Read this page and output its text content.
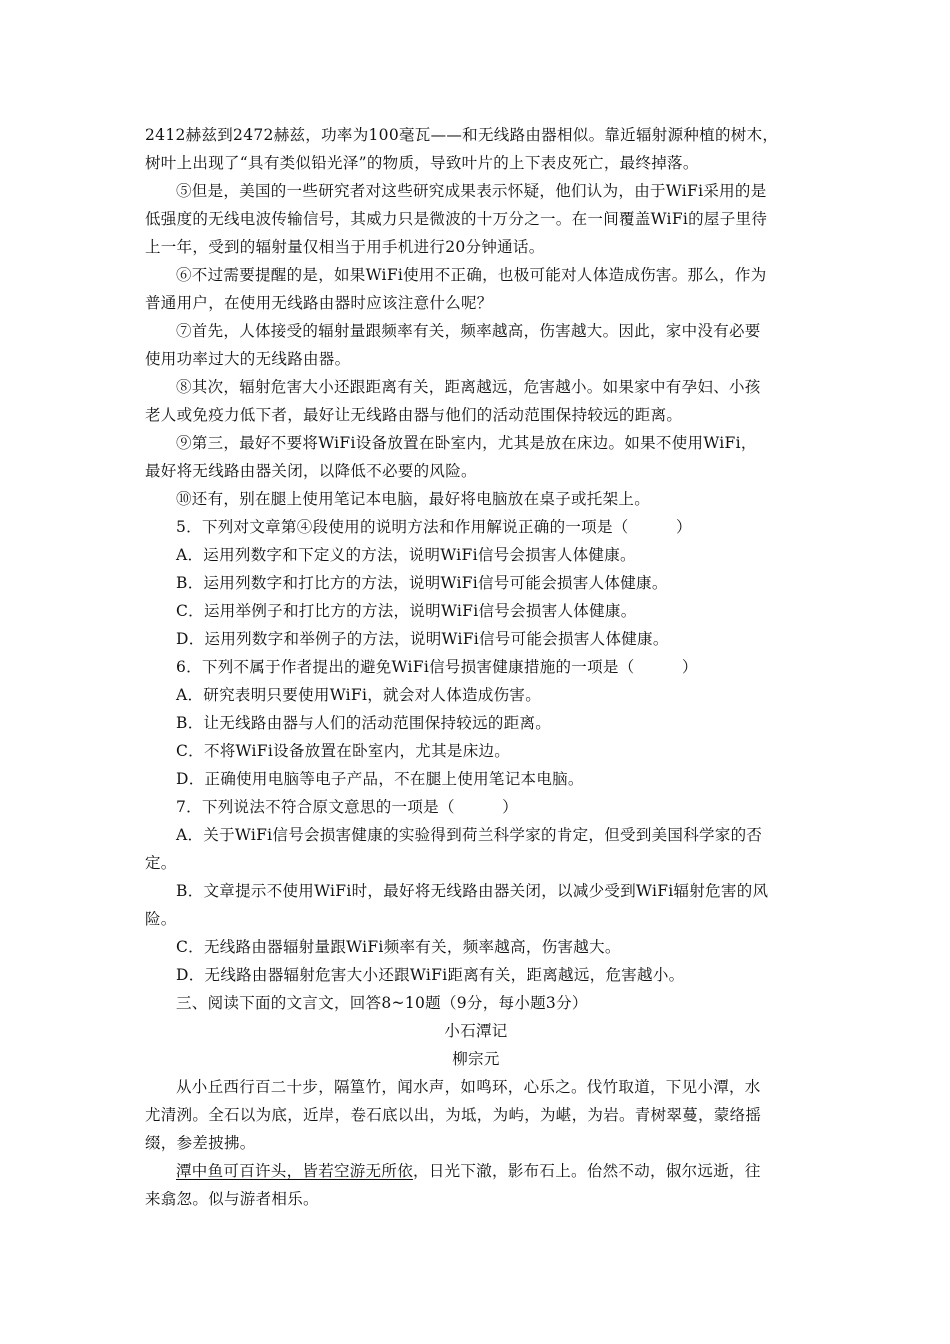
2412赫兹到2472赫兹，功率为100毫瓦——和无线路由器相似。靠近辐射源种植的树木，
树叶上出现了“具有类似铅光泽”的物质，导致叶片的上下表皮死亡，最终掉落。
⑤但是，美国的一些研究者对这些研究成果表示怀疑，他们认为，由于WiFi采用的是
低强度的无线电波传输信号，其威力只是微波的十万分之一。在一间覆盖WiFi的屋子里待
上一年，受到的辐射量仅相当于用手机进行20分钟通话。
⑥不过需要提醒的是，如果WiFi使用不正确，也极可能对人体造成伤害。那么，作为
普通用户，在使用无线路由器时应该注意什么呢？
⑦首先，人体接受的辐射量跟频率有关，频率越高，伤害越大。因此，家中没有必要
使用功率过大的无线路由器。
⑧其次，辐射危害大小还跟距离有关，距离越远，危害越小。如果家中有孕妇、小孩
老人或免疫力低下者，最好让无线路由器与他们的活动范围保持较远的距离。
⑨第三，最好不要将WiFi设备放置在卧室内，尤其是放在床边。如果不使用WiFi，
最好将无线路由器关闭，以降低不必要的风险。
⑩还有，别在腿上使用笔记本电脑，最好将电脑放在桌子或托架上。
5．下列对文章第④段使用的说明方法和作用解说正确的一项是（　　　）
A．运用列数字和下定义的方法，说明WiFi信号会损害人体健康。
B．运用列数字和打比方的方法，说明WiFi信号可能会损害人体健康。
C．运用举例子和打比方的方法，说明WiFi信号会损害人体健康。
D．运用列数字和举例子的方法，说明WiFi信号可能会损害人体健康。
6．下列不属于作者提出的避免WiFi信号损害健康措施的一项是（　　　）
A．研究表明只要使用WiFi，就会对人体造成伤害。
B．让无线路由器与人们的活动范围保持较远的距离。
C．不将WiFi设备放置在卧室内，尤其是床边。
D．正确使用电脑等电子产品，不在腿上使用笔记本电脑。
7．下列说法不符合原文意思的一项是（　　　）
A．关于WiFi信号会损害健康的实验得到荷兰科学家的肯定，但受到美国科学家的否
定。
B．文章提示不使用WiFi时，最好将无线路由器关闭，以减少受到WiFi辐射危害的风
险。
C．无线路由器辐射量跟WiFi频率有关，频率越高，伤害越大。
D．无线路由器辐射危害大小还跟WiFi距离有关，距离越远，危害越小。
三、阅读下面的文言文，回答8~10题（9分，每小题3分）
小石潭记
柳宗元
从小丘西行百二十步，隔篁竹，闻水声，如鸣环，心乐之。伐竹取道，下见小潭，水
尤清洌。全石以为底，近岸，卷石底以出，为坻，为屿，为嵁，为岩。青树翠蔓，蒙络摇
缀，参差披拂。
潭中鱼可百许头，皆若空游无所依，日光下澈，影布石上。佁然不动，俶尔远逝，往
来翕忽。似与游者相乐。
